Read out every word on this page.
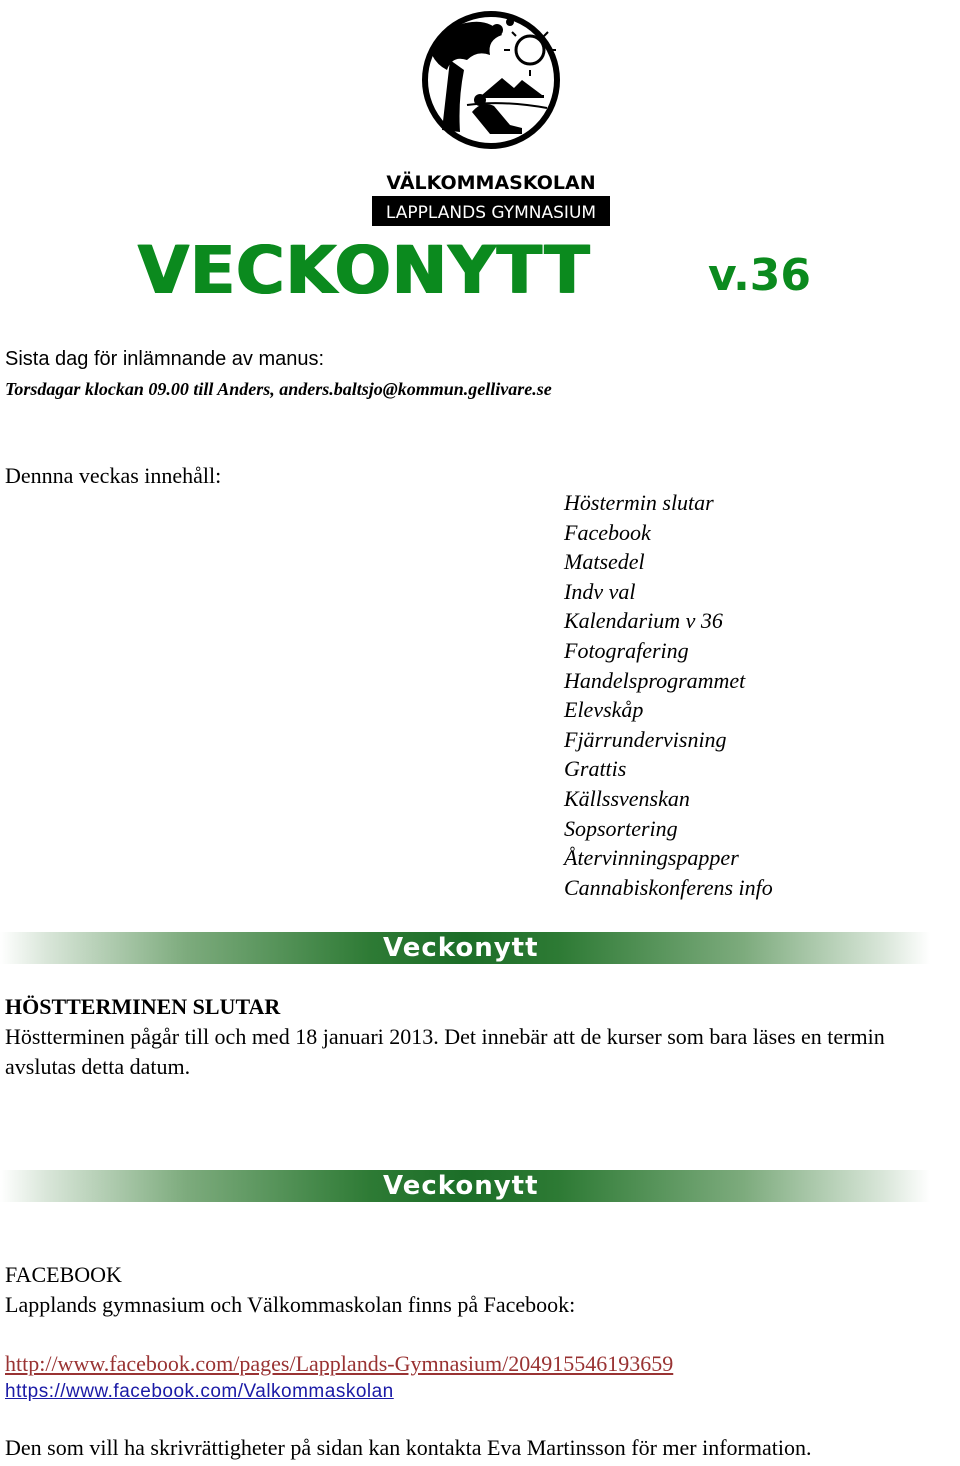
VÄLKOMMASKOLAN
LAPPLANDS GYMNASIUM
VECKONYTT	v.36
Sista dag för inlämnande av manus:
Torsdagar klockan 09.00 till Anders, anders.baltsjo@kommun.gellivare.se
Dennna veckas innehåll:
Höstermin slutar
Facebook
Matsedel
Indv val
Kalendarium v 36
Fotografering
Handelsprogrammet
Elevskåp
Fjärrundervisning
Grattis
Källssvenskan
Sopsortering
Återvinningspapper
Cannabiskonferens info
Veckonytt
HÖSTTERMINEN SLUTAR
Höstterminen pågår till och med 18 januari 2013. Det innebär att de kurser som bara läses en termin avslutas detta datum.
Veckonytt
FACEBOOK
Lapplands gymnasium och Välkommaskolan finns på Facebook:
http://www.facebook.com/pages/Lapplands-Gymnasium/204915546193659
https://www.facebook.com/Valkommaskolan
Den som vill ha skrivrättigheter på sidan kan kontakta Eva Martinsson för mer information.
